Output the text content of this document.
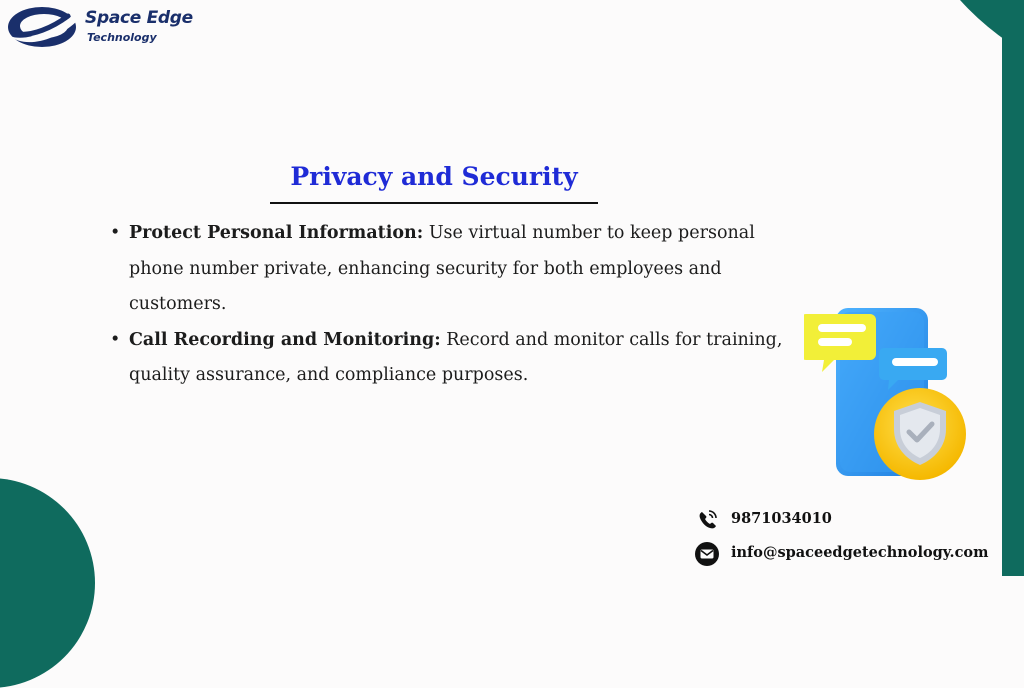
Space Edge
Technology
Privacy and Security
• Protect Personal Information: Use virtual number to keep personal phone number private, enhancing security for both employees and customers.
• Call Recording and Monitoring: Record and monitor calls for training, quality assurance, and compliance purposes.
9871034010
info@spaceedgetechnology.com
